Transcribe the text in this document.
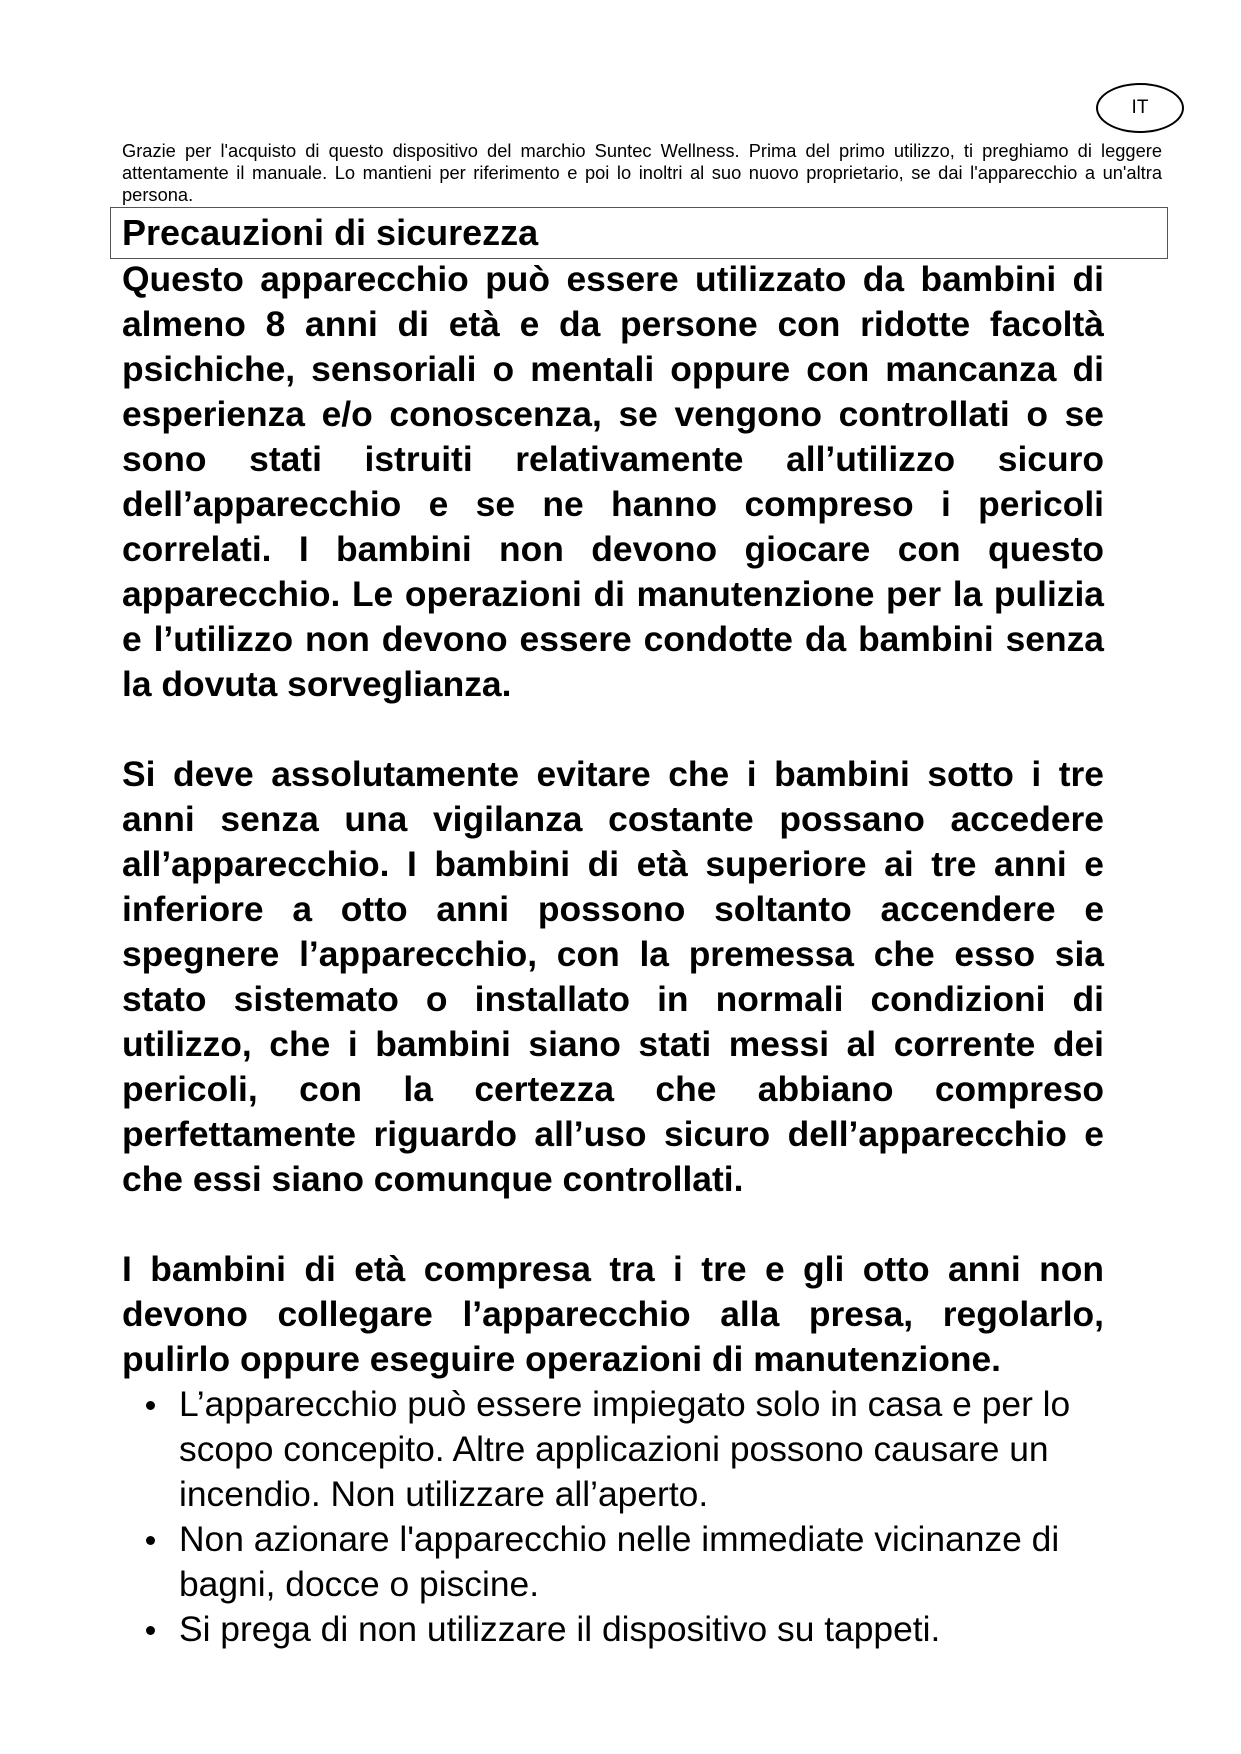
IT

Grazie per l'acquisto di questo dispositivo del marchio Suntec Wellness. Prima del primo utilizzo, ti preghiamo di leggere attentamente il manuale. Lo mantieni per riferimento e poi lo inoltri al suo nuovo proprietario, se dai l'apparecchio a un'altra persona.

Precauzioni di sicurezza

Questo apparecchio può essere utilizzato da bambini di almeno 8 anni di età e da persone con ridotte facoltà psichiche, sensoriali o mentali oppure con mancanza di esperienza e/o conoscenza, se vengono controllati o se sono stati istruiti relativamente all’utilizzo sicuro dell’apparecchio e se ne hanno compreso i pericoli correlati. I bambini non devono giocare con questo apparecchio. Le operazioni di manutenzione per la pulizia e l’utilizzo non devono essere condotte da bambini senza la dovuta sorveglianza.

Si deve assolutamente evitare che i bambini sotto i tre anni senza una vigilanza costante possano accedere all’apparecchio. I bambini di età superiore ai tre anni e inferiore a otto anni possono soltanto accendere e spegnere l’apparecchio, con la premessa che esso sia stato sistemato o installato in normali condizioni di utilizzo, che i bambini siano stati messi al corrente dei pericoli, con la certezza che abbiano compreso perfettamente riguardo all’uso sicuro dell’apparecchio e che essi siano comunque controllati.

I bambini di età compresa tra i tre e gli otto anni non devono collegare l’apparecchio alla presa, regolarlo, pulirlo oppure eseguire operazioni di manutenzione.

L’apparecchio può essere impiegato solo in casa e per lo scopo concepito. Altre applicazioni possono causare un incendio. Non utilizzare all’aperto.
Non azionare l'apparecchio nelle immediate vicinanze di bagni, docce o piscine.
Si prega di non utilizzare il dispositivo su tappeti.
